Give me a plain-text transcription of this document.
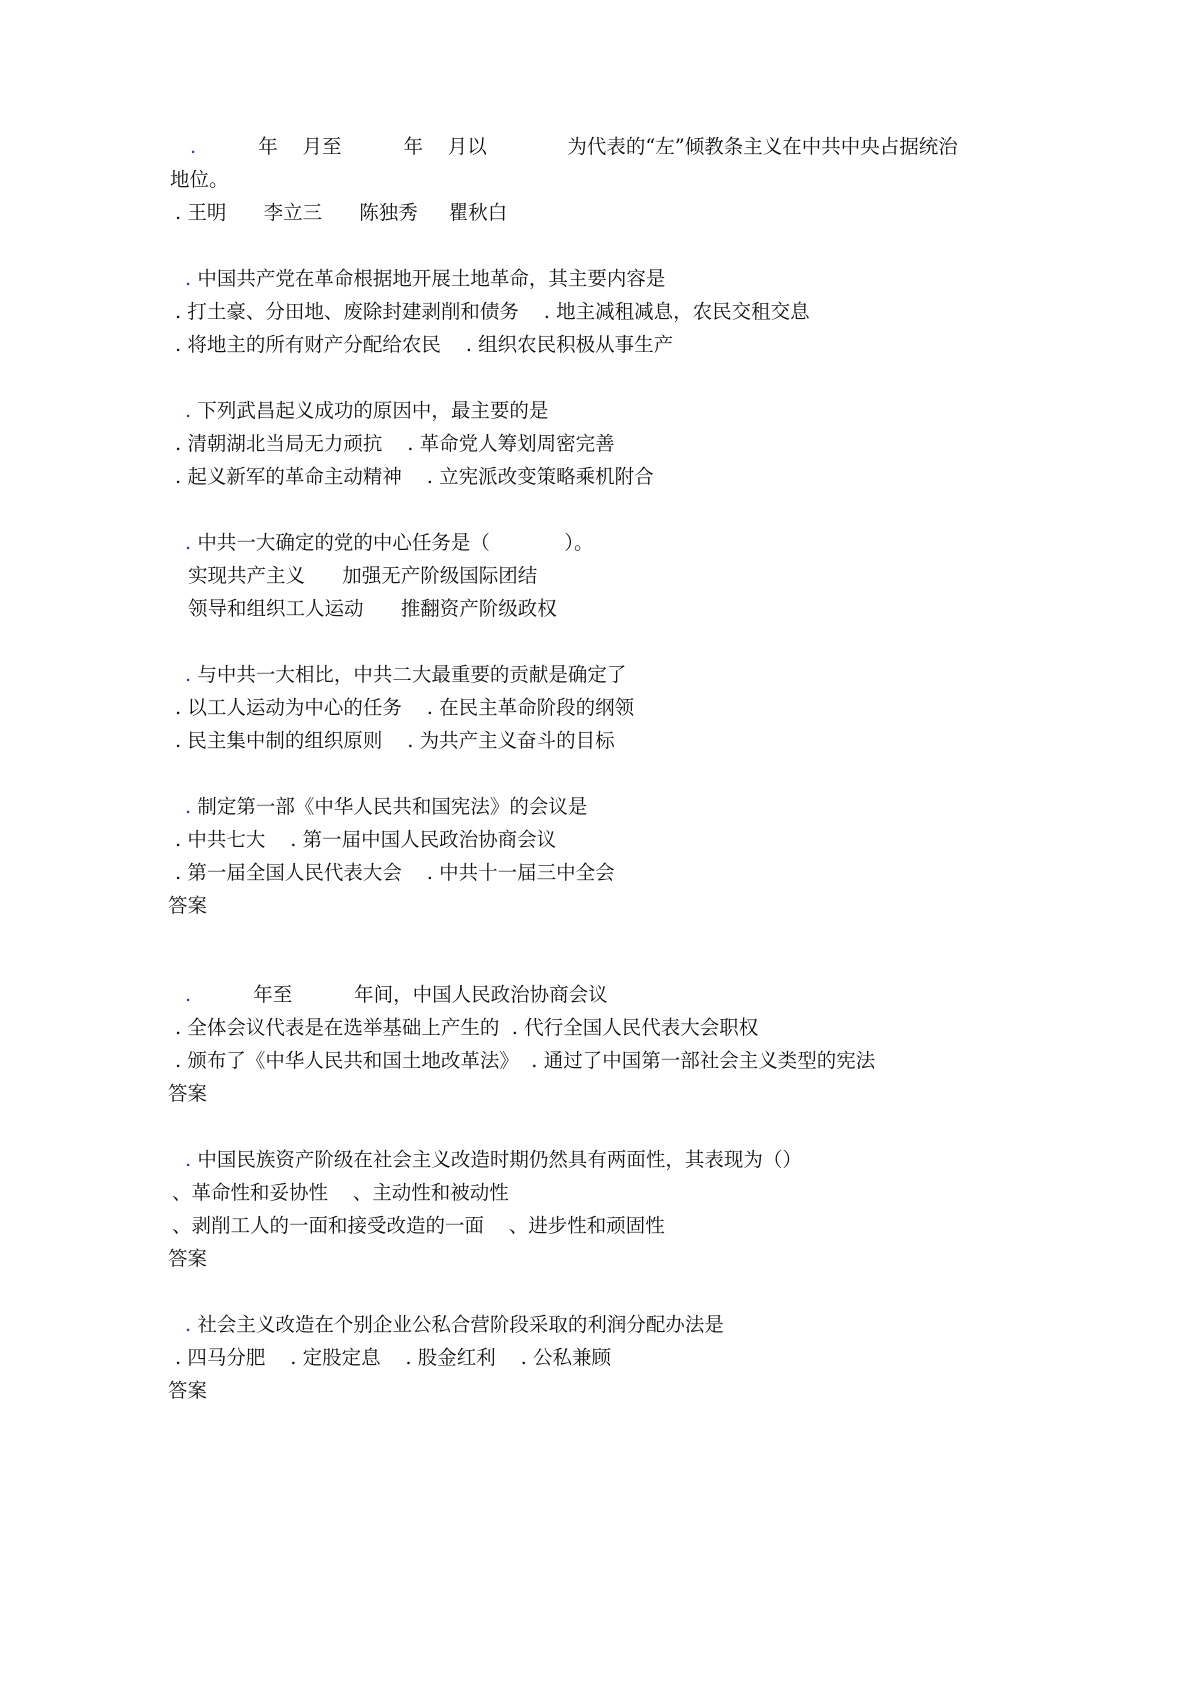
.          年    月至          年    月以             为代表的“左”倾教条主义在中共中央占据统治
地位。
. 王明      李立三      陈独秀     瞿秋白
. 中国共产党在革命根据地开展土地革命，其主要内容是
. 打土豪、分田地、废除封建剥削和债务    . 地主减租减息，农民交租交息
. 将地主的所有财产分配给农民    . 组织农民积极从事生产
. 下列武昌起义成功的原因中，最主要的是
. 清朝湖北当局无力顽抗    . 革命党人筹划周密完善
. 起义新军的革命主动精神    . 立宪派改变策略乘机附合
. 中共一大确定的党的中心任务是（            ）。
实现共产主义      加强无产阶级国际团结
领导和组织工人运动      推翻资产阶级政权
. 与中共一大相比，中共二大最重要的贡献是确定了
. 以工人运动为中心的任务    . 在民主革命阶段的纲领
. 民主集中制的组织原则    . 为共产主义奋斗的目标
. 制定第一部《中华人民共和国宪法》的会议是
. 中共七大    . 第一届中国人民政治协商会议
. 第一届全国人民代表大会    . 中共十一届三中全会
答案
.          年至          年间，中国人民政治协商会议
. 全体会议代表是在选举基础上产生的  . 代行全国人民代表大会职权
. 颁布了《中华人民共和国土地改革法》  . 通过了中国第一部社会主义类型的宪法
答案
. 中国民族资产阶级在社会主义改造时期仍然具有两面性，其表现为（）
、革命性和妥协性    、主动性和被动性
、剥削工人的一面和接受改造的一面    、进步性和顽固性
答案
. 社会主义改造在个别企业公私合营阶段采取的利润分配办法是
. 四马分肥    . 定股定息    . 股金红利    . 公私兼顾
答案
